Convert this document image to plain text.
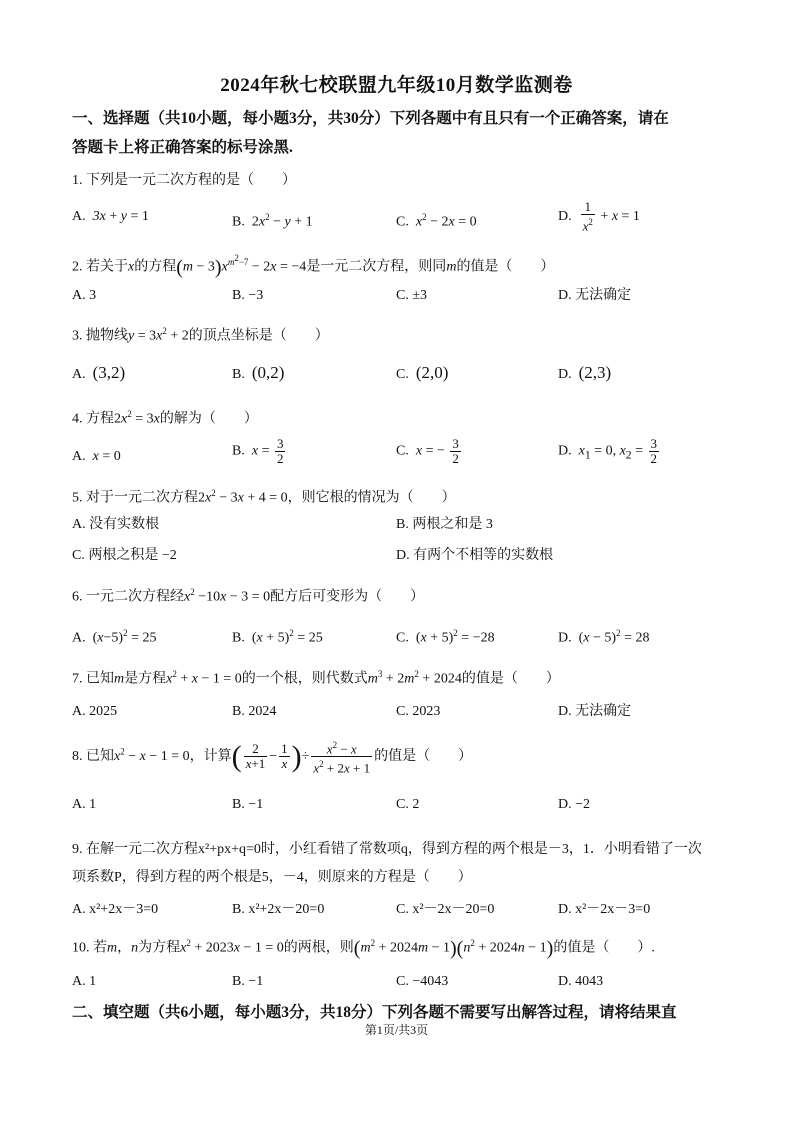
2024年秋七校联盟九年级10月数学监测卷
一、选择题（共10小题，每小题3分，共30分）下列各题中有且只有一个正确答案，请在
答题卡上将正确答案的标号涂黑.
1. 下列是一元二次方程的是（　　）
A. 3x + y = 1	B.  $2x^2 - y + 1$	C. $x^2 - 2x = 0$	D. $\frac{1}{x^2} + x = 1$
2. 若关于x的方程$(m - 3)x^{m^2-7} - 2x = -4$是一元二次方程，则同m的值是（　　）
A. 3	B. −3	C. ±3	D. 无法确定
3. 抛物线$y = 3x^2 + 2$的顶点坐标是（　　）
A. (3,2)	B. (0,2)	C. (2,0)	D. (2,3)
4. 方程$2x^2 = 3x$的解为（　　）
A. x = 0	B. $x = \frac{3}{2}$	C. x = − $\frac{3}{2}$	D. $x_1 = 0$, $x_2 = \frac{3}{2}$
5. 对于一元二次方程$2x^2 - 3x + 4 = 0$，则它根的情况为（　　）
A. 没有实数根	B. 两根之和是 3
C. 两根之积是 −2	D. 有两个不相等的实数根
6. 一元二次方程经$x^2 -10x - 3 = 0$配方后可变形为（　　）
A.  $(x-5)^2 = 25$	B.  $(x + 5)^2 = 25$	C.  $(x + 5)^2 = -28$	D.  $(x - 5)^2 = 28$
7. 已知m是方程$x^2 + x - 1 = 0$的一个根，则代数式$m^3 + 2m^2 + 2024$的值是（　　）
A. 2025	B. 2024	C. 2023	D. 无法确定
8. 已知$x^2 - x - 1 = 0$，计算( $\frac{2}{x+1} - \frac{1}{x}$ )÷ $\frac{x^2 - x}{x^2 + 2x + 1}$ 的值是（　　）
A. 1	B. −1	C. 2	D. −2
9. 在解一元二次方程x²+px+q=0时，小红看错了常数项q，得到方程的两个根是－3，1．小明看错了一次
项系数P，得到方程的两个根是5，－4，则原来的方程是（　　）
A. x²+2x－3=0	B. x²+2x－20=0	C. x²－2x－20=0	D. x²－2x－3=0
10. 若m，n为方程$x^2 + 2023x - 1 = 0$的两根，则$(m^2 + 2024m - 1)(n^2 + 2024n - 1)$的值是（　　）.
A. 1	B. −1	C. −4043	D. 4043
二、填空题（共6小题，每小题3分，共18分）下列各题不需要写出解答过程，请将结果直
第1页/共3页
